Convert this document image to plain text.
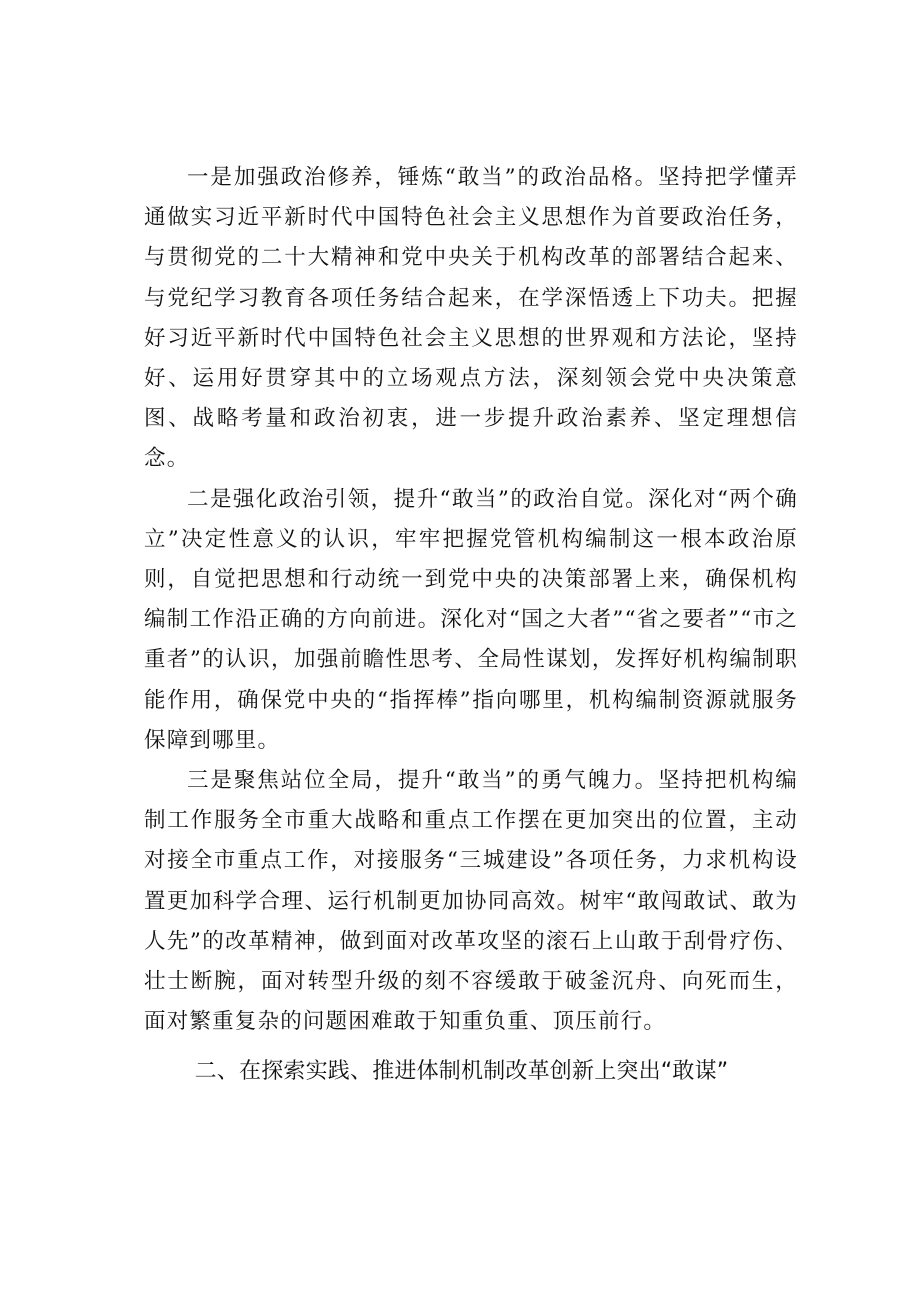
一是加强政治修养，锤炼“敢当”的政治品格。坚持把学懂弄通做实习近平新时代中国特色社会主义思想作为首要政治任务，与贯彻党的二十大精神和党中央关于机构改革的部署结合起来、与党纪学习教育各项任务结合起来，在学深悟透上下功夫。把握好习近平新时代中国特色社会主义思想的世界观和方法论，坚持好、运用好贯穿其中的立场观点方法，深刻领会党中央决策意图、战略考量和政治初衷，进一步提升政治素养、坚定理想信念。

二是强化政治引领，提升“敢当”的政治自觉。深化对“两个确立”决定性意义的认识，牢牢把握党管机构编制这一根本政治原则，自觉把思想和行动统一到党中央的决策部署上来，确保机构编制工作沿正确的方向前进。深化对“国之大者”“省之要者”“市之重者”的认识，加强前瞻性思考、全局性谋划，发挥好机构编制职能作用，确保党中央的“指挥棒”指向哪里，机构编制资源就服务保障到哪里。

三是聚焦站位全局，提升“敢当”的勇气魄力。坚持把机构编制工作服务全市重大战略和重点工作摆在更加突出的位置，主动对接全市重点工作，对接服务“三城建设”各项任务，力求机构设置更加科学合理、运行机制更加协同高效。树牢“敢闯敢试、敢为人先”的改革精神，做到面对改革攻坚的滚石上山敢于刮骨疗伤、壮士断腕，面对转型升级的刻不容缓敢于破釜沉舟、向死而生，面对繁重复杂的问题困难敢于知重负重、顶压前行。

二、在探索实践、推进体制机制改革创新上突出“敢谋”
